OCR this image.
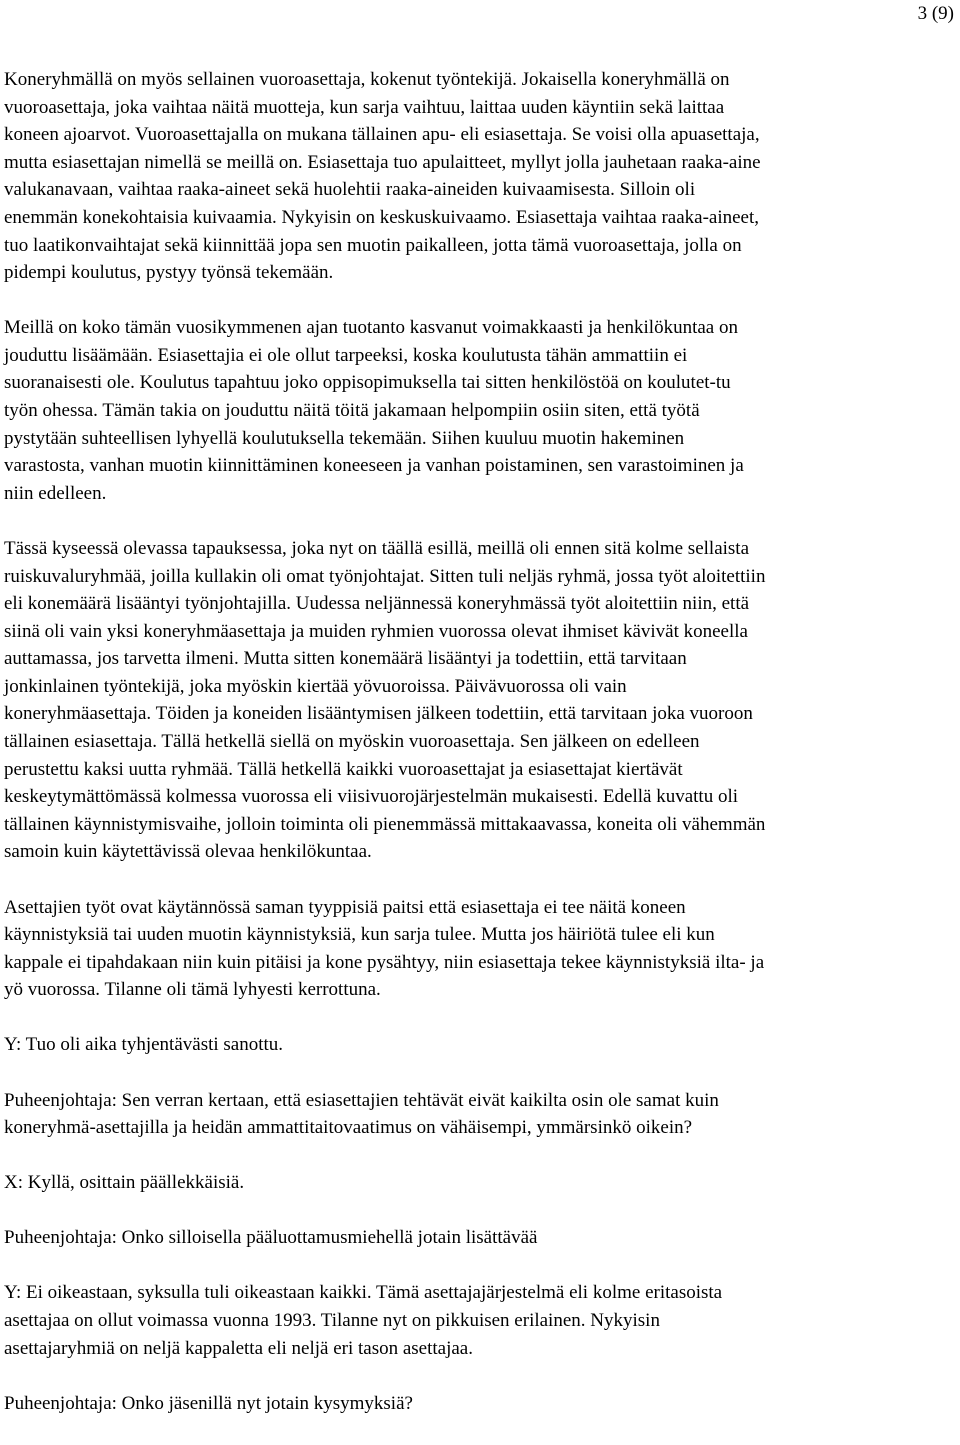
3 (9)

Koneryhmällä on myös sellainen vuoroasettaja, kokenut työntekijä. Jokaisella koneryhmällä on
vuoroasettaja, joka vaihtaa näitä muotteja, kun sarja vaihtuu, laittaa uuden käyntiin sekä laittaa
koneen ajoarvot. Vuoroasettajalla on mukana tällainen apu- eli esiasettaja. Se voisi olla apuasettaja,
mutta esiasettajan nimellä se meillä on. Esiasettaja tuo apulaitteet, myllyt jolla jauhetaan raaka-aine
valukanavaan, vaihtaa raaka-aineet sekä huolehtii raaka-aineiden kuivaamisesta. Silloin oli
enemmän konekohtaisia kuivaamia. Nykyisin on keskuskuivaamo. Esiasettaja vaihtaa raaka-aineet,
tuo laatikonvaihtajat sekä kiinnittää jopa sen muotin paikalleen, jotta tämä vuoroasettaja, jolla on
pidempi koulutus, pystyy työnsä tekemään.

Meillä on koko tämän vuosikymmenen ajan tuotanto kasvanut voimakkaasti ja henkilökuntaa on
jouduttu lisäämään. Esiasettajia ei ole ollut tarpeeksi, koska koulutusta tähän ammattiin ei
suoranaisesti ole. Koulutus tapahtuu joko oppisopimuksella tai sitten henkilöstöä on koulutet-tu
työn ohessa. Tämän takia on jouduttu näitä töitä jakamaan helpompiin osiin siten, että työtä
pystytään suhteellisen lyhyellä koulutuksella tekemään. Siihen kuuluu muotin hakeminen
varastosta, vanhan muotin kiinnittäminen koneeseen ja vanhan poistaminen, sen varastoiminen ja
niin edelleen.

Tässä kyseessä olevassa tapauksessa, joka nyt on täällä esillä, meillä oli ennen sitä kolme sellaista
ruiskuvaluryhmää, joilla kullakin oli omat työnjohtajat. Sitten tuli neljäs ryhmä, jossa työt aloitettiin
eli konemäärä lisääntyi työnjohtajilla. Uudessa neljännessä koneryhmässä työt aloitettiin niin, että
siinä oli vain yksi koneryhmäasettaja ja muiden ryhmien vuorossa olevat ihmiset kävivät koneella
auttamassa, jos tarvetta ilmeni. Mutta sitten konemäärä lisääntyi ja todettiin, että tarvitaan
jonkinlainen työntekijä, joka myöskin kiertää yövuoroissa. Päivävuorossa oli vain
koneryhmäasettaja. Töiden ja koneiden lisääntymisen jälkeen todettiin, että tarvitaan joka vuoroon
tällainen esiasettaja. Tällä hetkellä siellä on myöskin vuoroasettaja. Sen jälkeen on edelleen
perustettu kaksi uutta ryhmää. Tällä hetkellä kaikki vuoroasettajat ja esiasettajat kiertävät
keskeytymättömässä kolmessa vuorossa eli viisivuorojärjestelmän mukaisesti. Edellä kuvattu oli
tällainen käynnistymisvaihe, jolloin toiminta oli pienemmässä mittakaavassa, koneita oli vähemmän
samoin kuin käytettävissä olevaa henkilökuntaa.

Asettajien työt ovat käytännössä saman tyyppisiä paitsi että esiasettaja ei tee näitä koneen
käynnistyksiä tai uuden muotin käynnistyksiä, kun sarja tulee. Mutta jos häiriötä tulee eli kun
kappale ei tipahdakaan niin kuin pitäisi ja kone pysähtyy, niin esiasettaja tekee käynnistyksiä ilta- ja
yö vuorossa. Tilanne oli tämä lyhyesti kerrottuna.

Y: Tuo oli aika tyhjentävästi sanottu.

Puheenjohtaja: Sen verran kertaan, että esiasettajien tehtävät eivät kaikilta osin ole samat kuin
koneryhmä-asettajilla ja heidän ammattitaitovaatimus on vähäisempi, ymmärsinkö oikein?

X: Kyllä, osittain päällekkäisiä.

Puheenjohtaja: Onko silloisella pääluottamusmiehellä jotain lisättävää

Y: Ei oikeastaan, syksulla tuli oikeastaan kaikki. Tämä asettajajärjestelmä eli kolme eritasoista
asettajaa on ollut voimassa vuonna 1993. Tilanne nyt on pikkuisen erilainen. Nykyisin
asettajaryhmiä on neljä kappaletta eli neljä eri tason asettajaa.

Puheenjohtaja: Onko jäsenillä nyt jotain kysymyksiä?
